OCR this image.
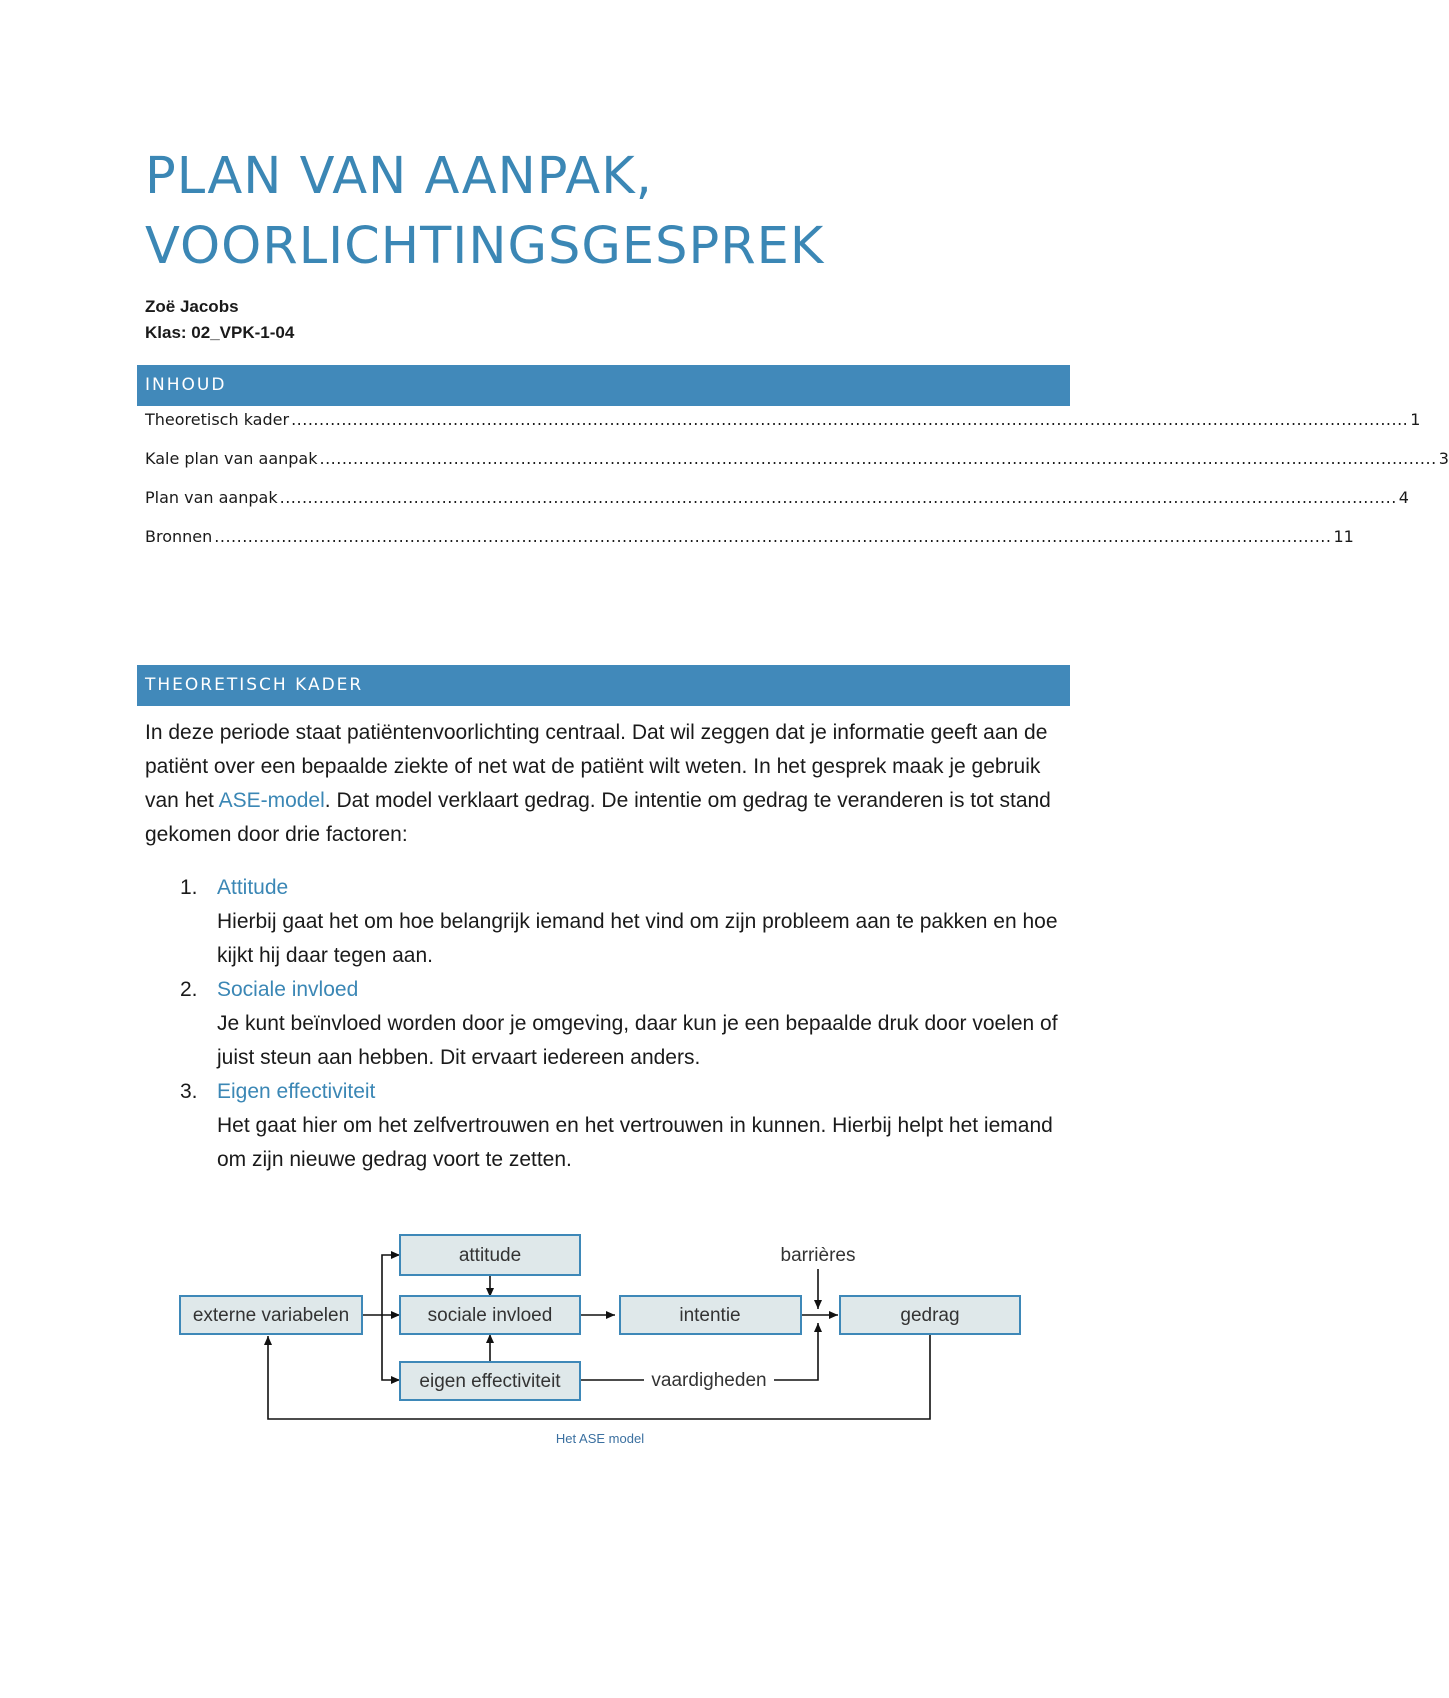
PLAN VAN AANPAK,
VOORLICHTINGSGESPREK
Zoë Jacobs
Klas: 02_VPK-1-04
INHOUD
Theoretisch kader ........................................................................................................................................................................................................ 1
Kale plan van aanpak ........................................................................................................................................................................................................ 3
Plan van aanpak ........................................................................................................................................................................................................ 4
Bronnen ........................................................................................................................................................................................................ 11
THEORETISCH KADER

In deze periode staat patiëntenvoorlichting centraal. Dat wil zeggen dat je informatie geeft aan de patiënt over een bepaalde ziekte of net wat de patiënt wilt weten. In het gesprek maak je gebruik van het ASE-model. Dat model verklaart gedrag. De intentie om gedrag te veranderen is tot stand gekomen door drie factoren:

1. Attitude
Hierbij gaat het om hoe belangrijk iemand het vind om zijn probleem aan te pakken en hoe kijkt hij daar tegen aan.
2. Sociale invloed
Je kunt beïnvloed worden door je omgeving, daar kun je een bepaalde druk door voelen of juist steun aan hebben. Dit ervaart iedereen anders.
3. Eigen effectiviteit
Het gaat hier om het zelfvertrouwen en het vertrouwen in kunnen. Hierbij helpt het iemand om zijn nieuwe gedrag voort te zetten.
attitude
sociale invloed
eigen effectiviteit
externe variabelen	intentie	gedrag
barrières
vaardigheden
Het ASE model
